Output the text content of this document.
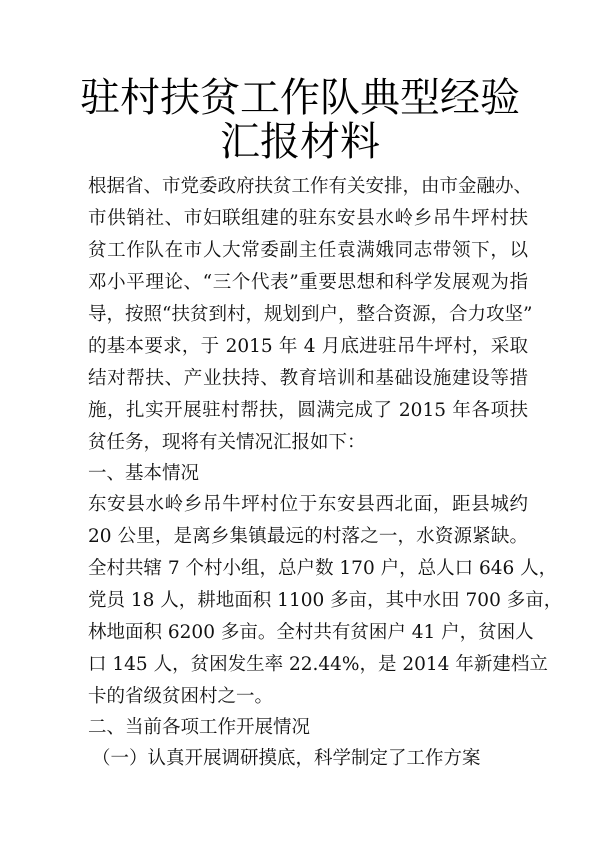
驻村扶贫工作队典型经验
汇报材料
根据省、市党委政府扶贫工作有关安排，由市金融办、
市供销社、市妇联组建的驻东安县水岭乡吊牛坪村扶
贫工作队在市人大常委副主任袁满娥同志带领下，以
邓小平理论、“三个代表”重要思想和科学发展观为指
导，按照“扶贫到村，规划到户，整合资源，合力攻坚”
的基本要求，于 2015 年 4 月底进驻吊牛坪村，采取
结对帮扶、产业扶持、教育培训和基础设施建设等措
施，扎实开展驻村帮扶，圆满完成了 2015 年各项扶
贫任务，现将有关情况汇报如下：
一、基本情况
东安县水岭乡吊牛坪村位于东安县西北面，距县城约
20 公里，是离乡集镇最远的村落之一，水资源紧缺。
全村共辖 7 个村小组，总户数 170 户，总人口 646 人，
党员 18 人，耕地面积 1100 多亩，其中水田 700 多亩，
林地面积 6200 多亩。全村共有贫困户 41 户，贫困人
口 145 人，贫困发生率 22.44%，是 2014 年新建档立
卡的省级贫困村之一。
二、当前各项工作开展情况
（一）认真开展调研摸底，科学制定了工作方案
